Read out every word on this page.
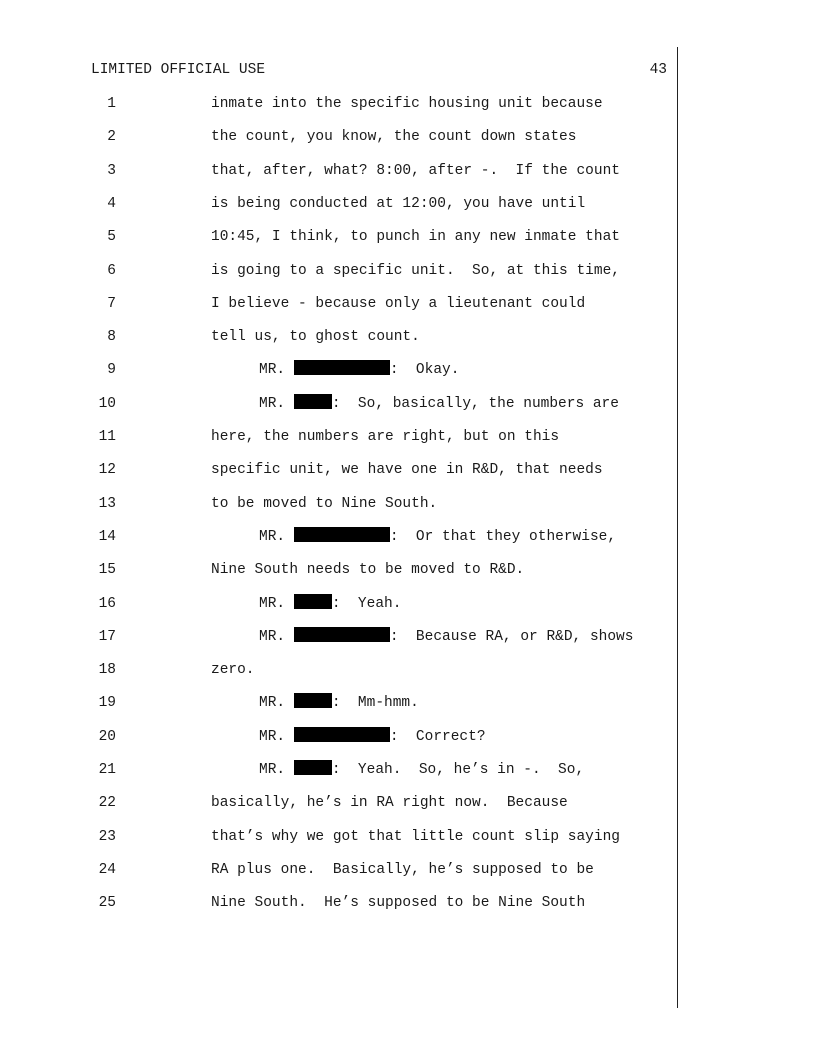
LIMITED OFFICIAL USE	43
1	inmate into the specific housing unit because
2	the count, you know, the count down states
3	that, after, what? 8:00, after -.  If the count
4	is being conducted at 12:00, you have until
5	10:45, I think, to punch in any new inmate that
6	is going to a specific unit.  So, at this time,
7	I believe - because only a lieutenant could
8	tell us, to ghost count.
9	MR.	:  Okay.
10	MR.	:  So, basically, the numbers are
11	here, the numbers are right, but on this
12	specific unit, we have one in R&D, that needs
13	to be moved to Nine South.
14	MR.	:  Or that they otherwise,
15	Nine South needs to be moved to R&D.
16	MR.	:  Yeah.
17	MR.	:  Because RA, or R&D, shows
18	zero.
19	MR.	:  Mm-hmm.
20	MR.	:  Correct?
21	MR.	:  Yeah.  So, he’s in -.  So,
22	basically, he’s in RA right now.  Because
23	that’s why we got that little count slip saying
24	RA plus one.  Basically, he’s supposed to be
25	Nine South.  He’s supposed to be Nine South
